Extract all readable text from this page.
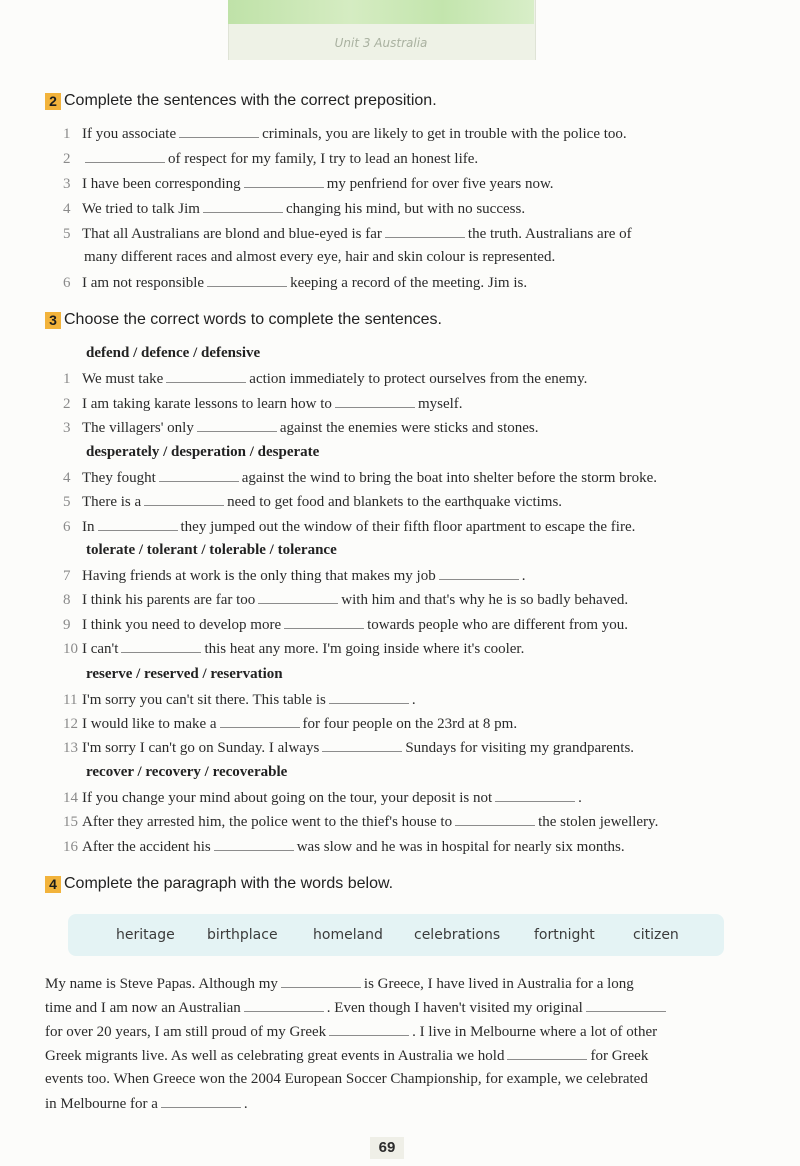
Unit 3 Australia
2 Complete the sentences with the correct preposition.
1 If you associate	criminals, you are likely to get in trouble with the police too.
2	of respect for my family, I try to lead an honest life.
3 I have been corresponding	my penfriend for over five years now.
4 We tried to talk Jim	changing his mind, but with no success.
5 That all Australians are blond and blue-eyed is far	the truth. Australians are of
many different races and almost every eye, hair and skin colour is represented.
6 I am not responsible	keeping a record of the meeting. Jim is.
3 Choose the correct words to complete the sentences.
defend / defence / defensive
1 We must take	action immediately to protect ourselves from the enemy.
2 I am taking karate lessons to learn how to	myself.
3 The villagers' only	against the enemies were sticks and stones.
desperately / desperation / desperate
4 They fought	against the wind to bring the boat into shelter before the storm broke.
5 There is a	need to get food and blankets to the earthquake victims.
6 In	they jumped out the window of their fifth floor apartment to escape the fire.
tolerate / tolerant / tolerable / tolerance
7 Having friends at work is the only thing that makes my job	.
8 I think his parents are far too	with him and that's why he is so badly behaved.
9 I think you need to develop more	towards people who are different from you.
10 I can't	this heat any more. I'm going inside where it's cooler.
reserve / reserved / reservation
11 I'm sorry you can't sit there. This table is	.
12 I would like to make a	for four people on the 23rd at 8 pm.
13 I'm sorry I can't go on Sunday. I always	Sundays for visiting my grandparents.
recover / recovery / recoverable
14 If you change your mind about going on the tour, your deposit is not	.
15 After they arrested him, the police went to the thief's house to	the stolen jewellery.
16 After the accident his	was slow and he was in hospital for nearly six months.
4 Complete the paragraph with the words below.
heritage birthplace	homeland celebrations fortnight	citizen
My name is Steve Papas. Although my	is Greece, I have lived in Australia for a long
time and I am now an Australian	. Even though I haven't visited my original
for over 20 years, I am still proud of my Greek	. I live in Melbourne where a lot of other
Greek migrants live. As well as celebrating great events in Australia we hold	for Greek
events too. When Greece won the 2004 European Soccer Championship, for example, we celebrated
in Melbourne for a	.
69
